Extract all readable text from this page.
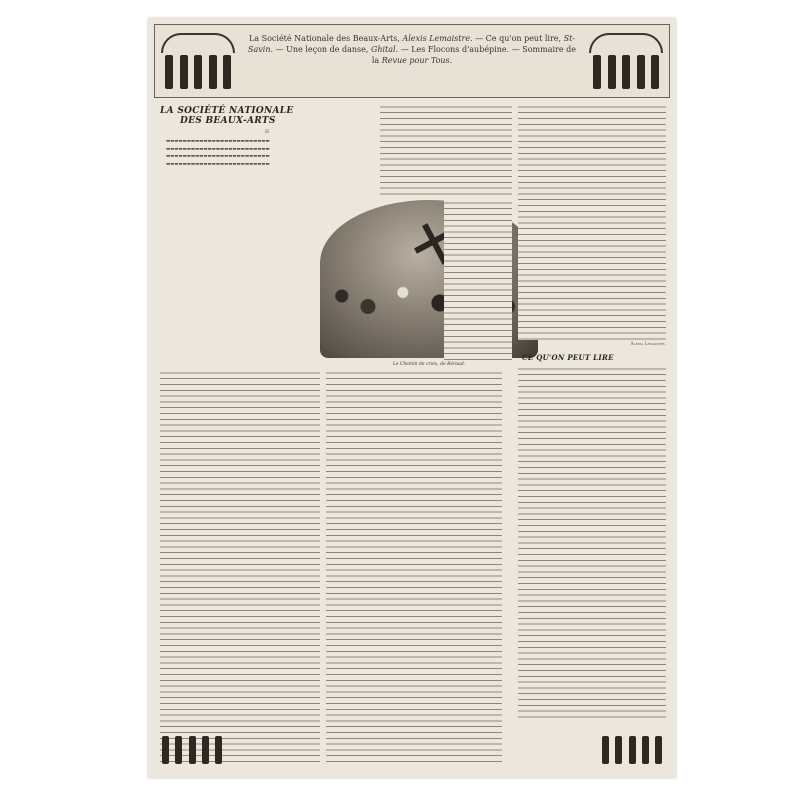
La Société Nationale des Beaux-Arts, Alexis Lemaistre. — Ce qu'on peut lire, St-Savin. — Une leçon de danse, Ghital. — Les Flocons d'aubépine. — Sommaire de la Revue pour Tous.
LA SOCIÉTÉ NATIONALE
DES BEAUX-ARTS
II

▬▬▬▬▬▬▬▬▬▬▬▬▬▬▬▬▬▬▬▬▬▬▬▬▬

▬▬▬▬▬▬▬▬▬▬▬▬▬▬▬▬▬▬▬▬▬▬▬▬▬

▬▬▬▬▬▬▬▬▬▬▬▬▬▬▬▬▬▬▬▬▬▬▬▬▬

▬▬▬▬▬▬▬▬▬▬▬▬▬▬▬▬▬▬▬▬▬▬▬▬▬

Le Chemin de croix, de Béraud.
Alexis Lemaistre.
CE QU'ON PEUT LIRE
